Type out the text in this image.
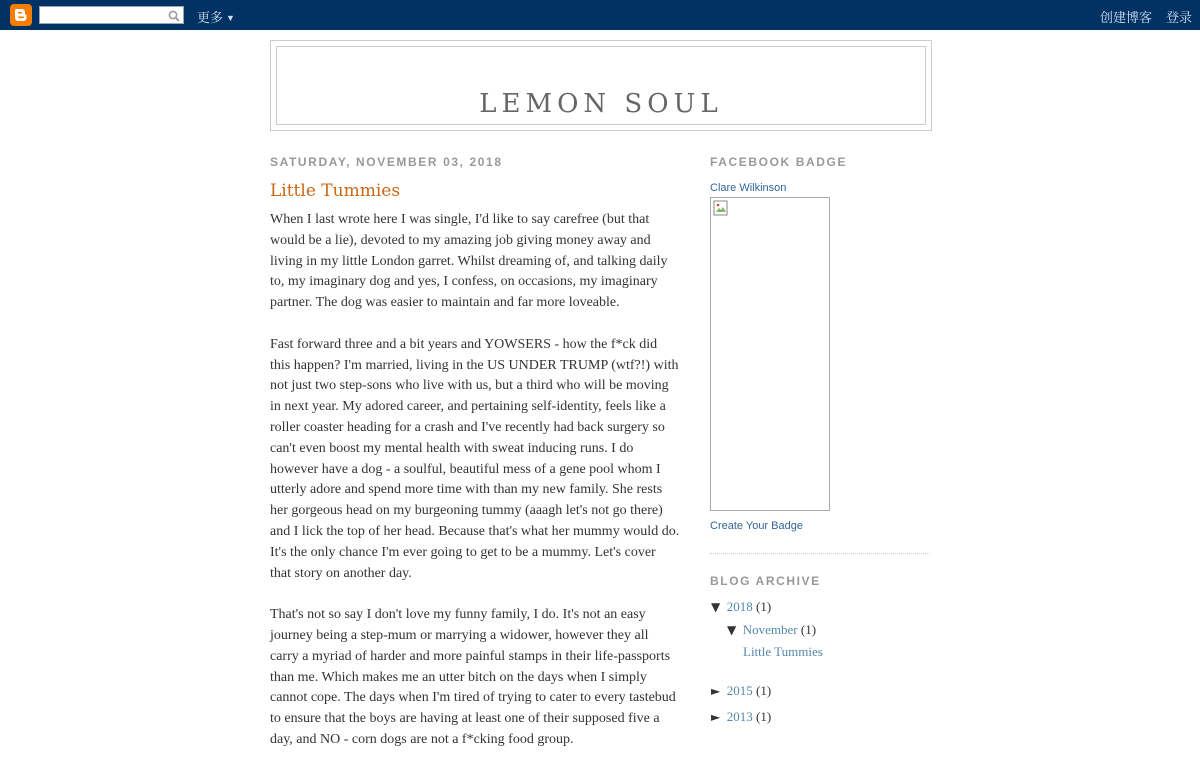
更多 ▼	创建博客 登录
LEMON SOUL
SATURDAY, NOVEMBER 03, 2018
Little Tummies

When I last wrote here I was single, I'd like to say carefree (but that would be a lie), devoted to my amazing job giving money away and living in my little London garret. Whilst dreaming of, and talking daily to, my imaginary dog and yes, I confess, on occasions, my imaginary partner. The dog was easier to maintain and far more loveable.

Fast forward three and a bit years and YOWSERS - how the f*ck did this happen? I'm married, living in the US UNDER TRUMP (wtf?!) with not just two step-sons who live with us, but a third who will be moving in next year. My adored career, and pertaining self-identity, feels like a roller coaster heading for a crash and I've recently had back surgery so can't even boost my mental health with sweat inducing runs. I do however have a dog - a soulful, beautiful mess of a gene pool whom I utterly adore and spend more time with than my new family. She rests her gorgeous head on my burgeoning tummy (aaagh let's not go there) and I lick the top of her head. Because that's what her mummy would do. It's the only chance I'm ever going to get to be a mummy. Let's cover that story on another day.

That's not so say I don't love my funny family, I do. It's not an easy journey being a step-mum or marrying a widower, however they all carry a myriad of harder and more painful stamps in their life-passports than me. Which makes me an utter bitch on the days when I simply cannot cope. The days when I'm tired of trying to cater to every tastebud to ensure that the boys are having at least one of their supposed five a day, and NO - corn dogs are not a f*cking food group.

FACEBOOK BADGE
Clare Wilkinson
Create Your Badge
BLOG ARCHIVE
▼ 2018 (1)
▼ November (1)
Little Tummies
► 2015 (1)
► 2013 (1)
